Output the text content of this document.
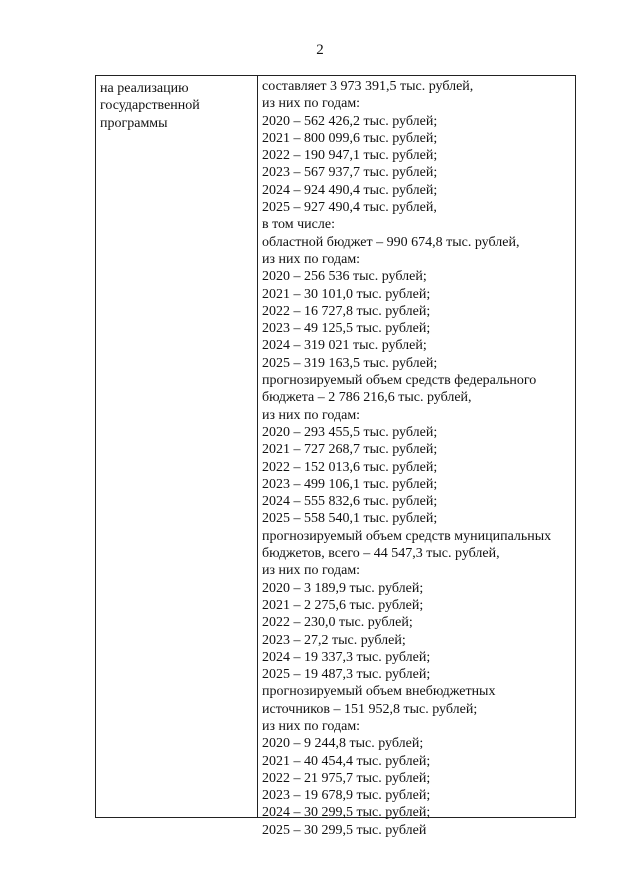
2
на реализацию
государственной
программы
составляет 3 973 391,5 тыс. рублей,
из них по годам:
2020 – 562 426,2 тыс. рублей;
2021 – 800 099,6 тыс. рублей;
2022 – 190 947,1 тыс. рублей;
2023 – 567 937,7 тыс. рублей;
2024 – 924 490,4 тыс. рублей;
2025 – 927 490,4 тыс. рублей,
в том числе:
областной бюджет – 990 674,8 тыс. рублей,
из них по годам:
2020 – 256 536 тыс. рублей;
2021 – 30 101,0 тыс. рублей;
2022 – 16 727,8 тыс. рублей;
2023 – 49 125,5 тыс. рублей;
2024 – 319 021 тыс. рублей;
2025 – 319 163,5 тыс. рублей;
прогнозируемый объем средств федерального
бюджета – 2 786 216,6 тыс. рублей,
из них по годам:
2020 – 293 455,5 тыс. рублей;
2021 – 727 268,7 тыс. рублей;
2022 – 152 013,6 тыс. рублей;
2023 – 499 106,1 тыс. рублей;
2024 – 555 832,6 тыс. рублей;
2025 – 558 540,1 тыс. рублей;
прогнозируемый объем средств муниципальных
бюджетов, всего – 44 547,3 тыс. рублей,
из них по годам:
2020 – 3 189,9 тыс. рублей;
2021 – 2 275,6 тыс. рублей;
2022 – 230,0 тыс. рублей;
2023 – 27,2 тыс. рублей;
2024 – 19 337,3 тыс. рублей;
2025 – 19 487,3 тыс. рублей;
прогнозируемый объем внебюджетных
источников – 151 952,8 тыс. рублей;
из них по годам:
2020 – 9 244,8 тыс. рублей;
2021 – 40 454,4 тыс. рублей;
2022 – 21 975,7 тыс. рублей;
2023 – 19 678,9 тыс. рублей;
2024 – 30 299,5 тыс. рублей;
2025 – 30 299,5 тыс. рублей
